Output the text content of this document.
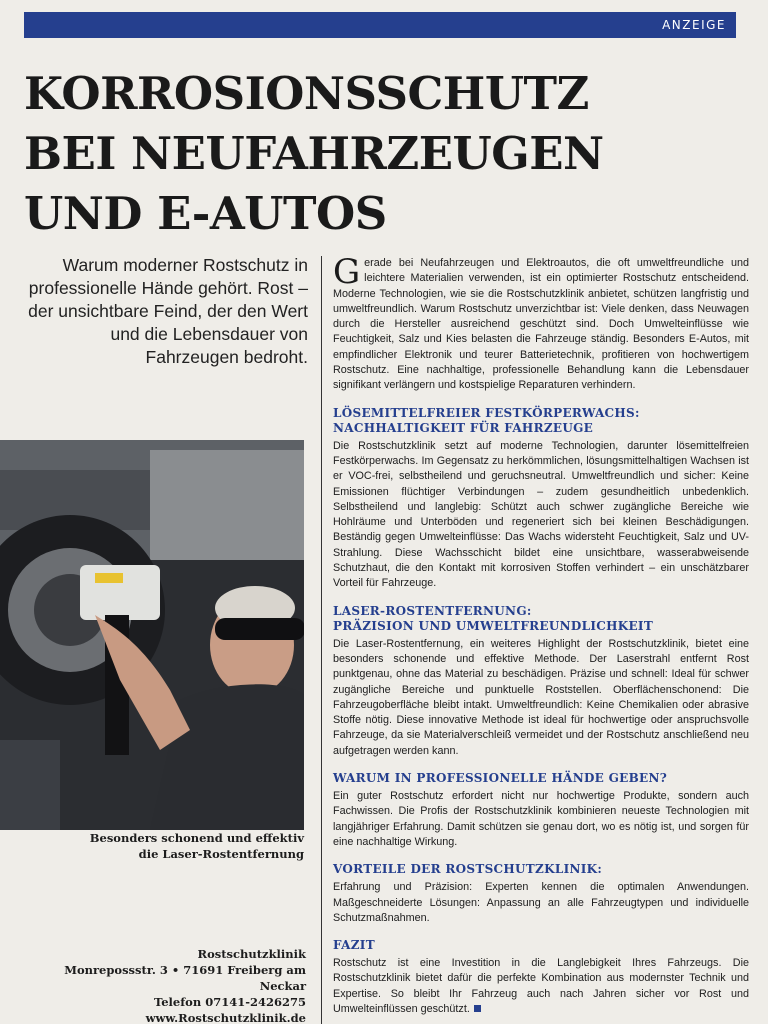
ANZEIGE
KORROSIONSSCHUTZ
BEI NEUFAHRZEUGEN
UND E-AUTOS

Warum moderner Rostschutz in professionelle Hände gehört. Rost – der unsichtbare Feind, der den Wert und die Lebensdauer von Fahrzeugen bedroht.

Besonders schonend und effektiv
die Laser-Rostentfernung
Rostschutzklinik
Monrepossstr. 3 • 71691 Freiberg am Neckar
Telefon 07141-2426275
www.Rostschutzklinik.de

Gerade bei Neufahrzeugen und Elektroautos, die oft umweltfreundliche und leichtere Materialien verwenden, ist ein optimierter Rostschutz entscheidend. Moderne Technologien, wie sie die Rostschutzklinik anbietet, schützen langfristig und umweltfreundlich. Warum Rostschutz unverzichtbar ist: Viele denken, dass Neuwagen durch die Hersteller ausreichend geschützt sind. Doch Umwelteinflüsse wie Feuchtigkeit, Salz und Kies belasten die Fahrzeuge ständig. Besonders E-Autos, mit empfindlicher Elektronik und teurer Batterietechnik, profitieren von hochwertigem Rostschutz. Eine nachhaltige, professionelle Behandlung kann die Lebensdauer signifikant verlängern und kostspielige Reparaturen verhindern.

LÖSEMITTELFREIER FESTKÖRPERWACHS:
NACHHALTIGKEIT FÜR FAHRZEUGE

Die Rostschutzklinik setzt auf moderne Technologien, darunter lösemittelfreien Festkörperwachs. Im Gegensatz zu herkömmlichen, lösungsmittelhaltigen Wachsen ist er VOC-frei, selbstheilend und geruchsneutral. Umweltfreundlich und sicher: Keine Emissionen flüchtiger Verbindungen – zudem gesundheitlich unbedenklich. Selbstheilend und langlebig: Schützt auch schwer zugängliche Bereiche wie Hohlräume und Unterböden und regeneriert sich bei kleinen Beschädigungen. Beständig gegen Umwelteinflüsse: Das Wachs widersteht Feuchtigkeit, Salz und UV-Strahlung. Diese Wachsschicht bildet eine unsichtbare, wasserabweisende Schutzhaut, die den Kontakt mit korrosiven Stoffen verhindert – ein unschätzbarer Vorteil für Fahrzeuge.

LASER-ROSTENTFERNUNG:
PRÄZISION UND UMWELTFREUNDLICHKEIT

Die Laser-Rostentfernung, ein weiteres Highlight der Rostschutzklinik, bietet eine besonders schonende und effektive Methode. Der Laserstrahl entfernt Rost punktgenau, ohne das Material zu beschädigen. Präzise und schnell: Ideal für schwer zugängliche Bereiche und punktuelle Roststellen. Oberflächenschonend: Die Fahrzeugoberfläche bleibt intakt. Umweltfreundlich: Keine Chemikalien oder abrasive Stoffe nötig. Diese innovative Methode ist ideal für hochwertige oder anspruchsvolle Fahrzeuge, da sie Materialverschleiß vermeidet und der Rostschutz anschließend neu aufgetragen werden kann.

WARUM IN PROFESSIONELLE HÄNDE GEBEN?

Ein guter Rostschutz erfordert nicht nur hochwertige Produkte, sondern auch Fachwissen. Die Profis der Rostschutzklinik kombinieren neueste Technologien mit langjähriger Erfahrung. Damit schützen sie genau dort, wo es nötig ist, und sorgen für eine nachhaltige Wirkung.

VORTEILE DER ROSTSCHUTZKLINIK:

Erfahrung und Präzision: Experten kennen die optimalen Anwendungen. Maßgeschneiderte Lösungen: Anpassung an alle Fahrzeugtypen und individuelle Schutzmaßnahmen.

FAZIT

Rostschutz ist eine Investition in die Langlebigkeit Ihres Fahrzeugs. Die Rostschutzklinik bietet dafür die perfekte Kombination aus modernster Technik und Expertise. So bleibt Ihr Fahrzeug auch nach Jahren sicher vor Rost und Umwelteinflüssen geschützt.
